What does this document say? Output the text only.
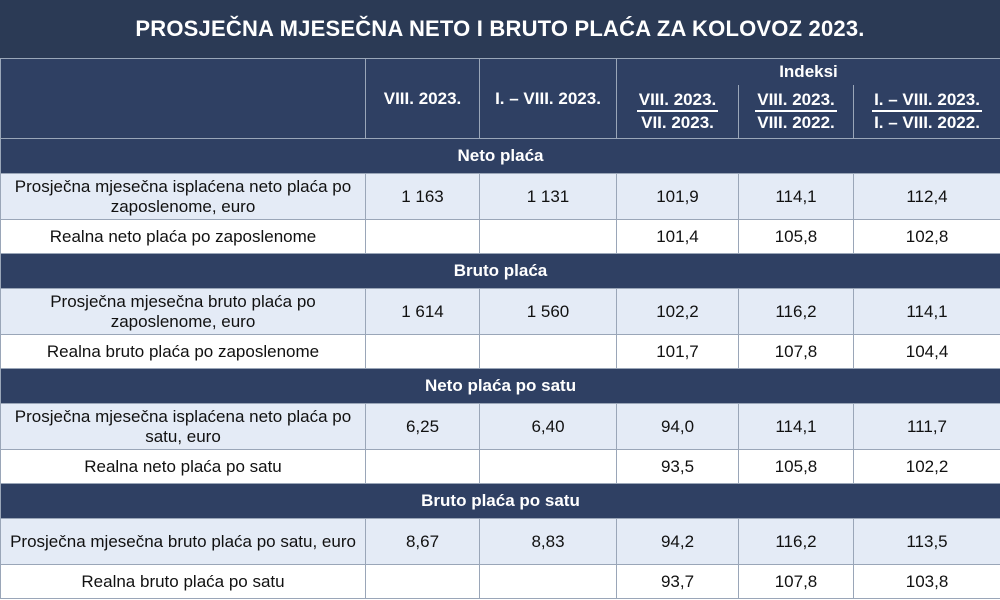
PROSJEČNA MJESEČNA NETO I BRUTO PLAĆA ZA KOLOVOZ 2023.
	VIII. 2023.	I. – VIII. 2023.	Indeksi		

			$\frac{\text{VIII. 2023.}}{\text{VII. 2023.}}$	$\frac{\text{VIII. 2023.}}{\text{VIII. 2022.}}$	$\frac{\text{I. – VIII. 2023.}}{\text{I. – VIII. 2022.}}$

Neto plaća					
Prosječna mjesečna isplaćena neto plaća po zaposlenome, euro	1 163	1 131	101,9	114,1	112,4
Realna neto plaća po zaposlenome			101,4	105,8	102,8
Bruto plaća					
Prosječna mjesečna bruto plaća po zaposlenome, euro	1 614	1 560	102,2	116,2	114,1
Realna bruto plaća po zaposlenome			101,7	107,8	104,4
Neto plaća po satu					
Prosječna mjesečna isplaćena neto plaća po satu, euro	6,25	6,40	94,0	114,1	111,7
Realna neto plaća po satu			93,5	105,8	102,2
Bruto plaća po satu					
Prosječna mjesečna bruto plaća po satu, euro	8,67	8,83	94,2	116,2	113,5
Realna bruto plaća po satu			93,7	107,8	103,8
